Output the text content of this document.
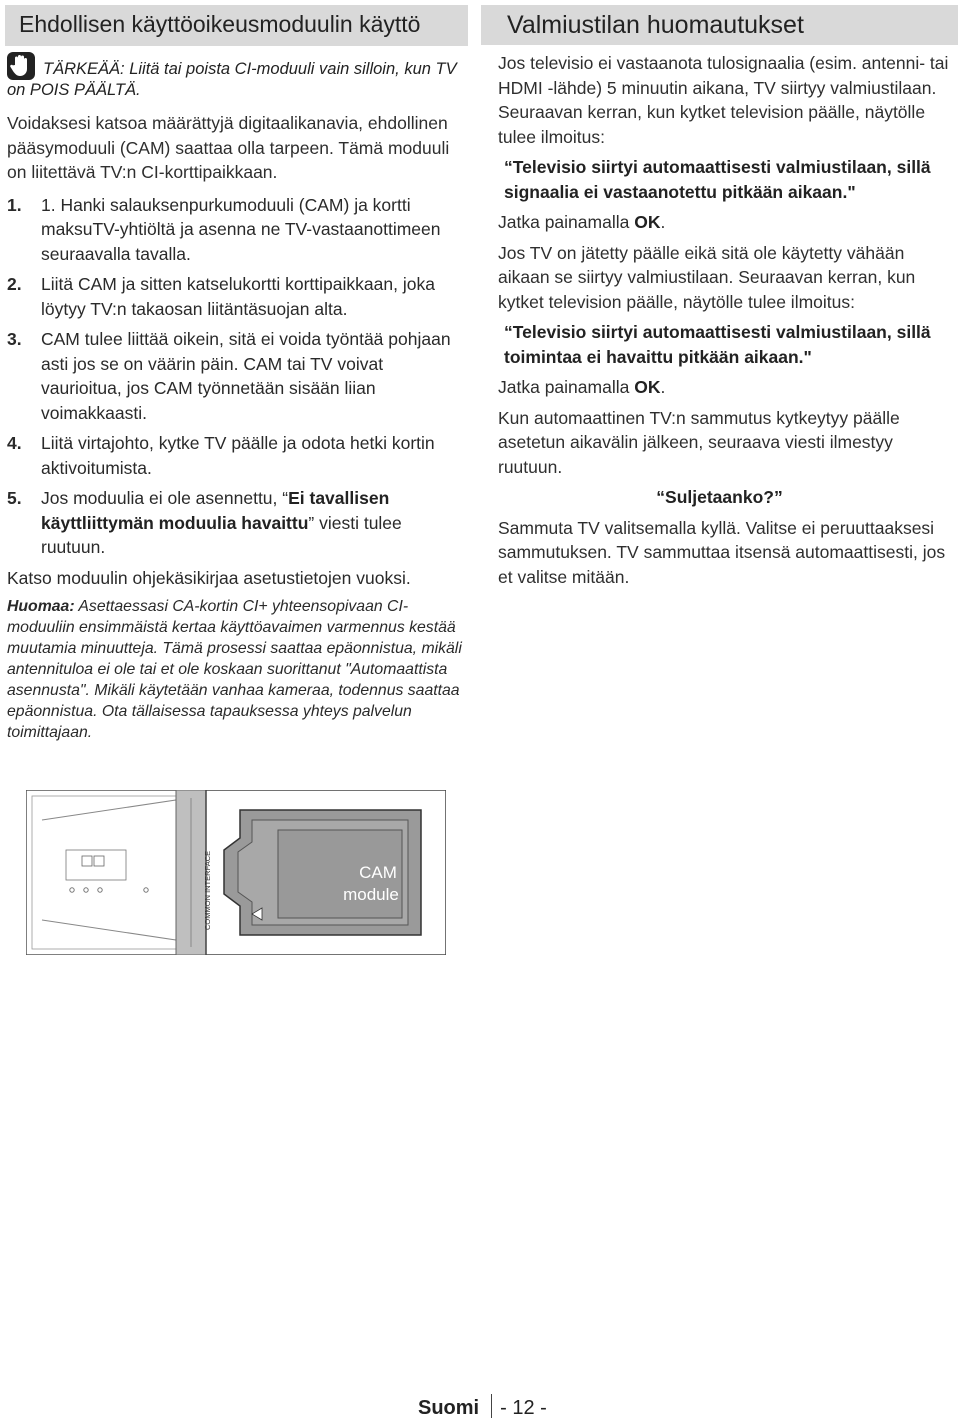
Ehdollisen käyttöoikeusmoduulin käyttö
TÄRKEÄÄ: Liitä tai poista CI-moduuli vain silloin, kun TV on POIS PÄÄLTÄ.

Voidaksesi katsoa määrättyjä digitaalikanavia, ehdollinen pääsymoduuli (CAM) saattaa olla tarpeen. Tämä moduuli on liitettävä TV:n CI-korttipaikkaan.

1. 1. Hanki salauksenpurkumoduuli (CAM) ja kortti maksuTV-yhtiöltä ja asenna ne TV-vastaanottimeen seuraavalla tavalla.
2. Liitä CAM ja sitten katselukortti korttipaikkaan, joka löytyy TV:n takaosan liitäntäsuojan alta.
3. CAM tulee liittää oikein, sitä ei voida työntää pohjaan asti jos se on väärin päin. CAM tai TV voivat vaurioitua, jos CAM työnnetään sisään liian voimakkaasti.
4. Liitä virtajohto, kytke TV päälle ja odota hetki kortin aktivoitumista.
5. Jos moduulia ei ole asennettu, “Ei tavallisen käyttliittymän moduulia havaittu” viesti tulee ruutuun.

Katso moduulin ohjekäsikirjaa asetustietojen vuoksi.

Huomaa: Asettaessasi CA-kortin CI+ yhteensopivaan CI-moduuliin ensimmäistä kertaa käyttöavaimen varmennus kestää muutamia minuutteja. Tämä prosessi saattaa epäonnistua, mikäli antennituloa ei ole tai et ole koskaan suorittanut "Automaattista asennusta". Mikäli käytetään vanhaa kameraa, todennus saattaa epäonnistua. Ota tällaisessa tapauksessa yhteys palvelun toimittajaan.

COMMON INTERFACE	CAM
module
Valmiustilan huomautukset

Jos televisio ei vastaanota tulosignaalia (esim. antenni- tai HDMI -lähde) 5 minuutin aikana, TV siirtyy valmiustilaan. Seuraavan kerran, kun kytket television päälle, näytölle tulee ilmoitus:

“Televisio siirtyi automaattisesti valmiustilaan, sillä signaalia ei vastaanotettu pitkään aikaan."

Jatka painamalla OK.

Jos TV on jätetty päälle eikä sitä ole käytetty vähään aikaan se siirtyy valmiustilaan. Seuraavan kerran, kun kytket television päälle, näytölle tulee ilmoitus:

“Televisio siirtyi automaattisesti valmiustilaan, sillä toimintaa ei havaittu pitkään aikaan."

Jatka painamalla OK.

Kun automaattinen TV:n sammutus kytkeytyy päälle asetetun aikavälin jälkeen, seuraava viesti ilmestyy ruutuun.

“Suljetaanko?”

Sammuta TV valitsemalla kyllä. Valitse ei peruuttaaksesi sammutuksen. TV sammuttaa itsensä automaattisesti, jos et valitse mitään.

Suomi - 12 -
